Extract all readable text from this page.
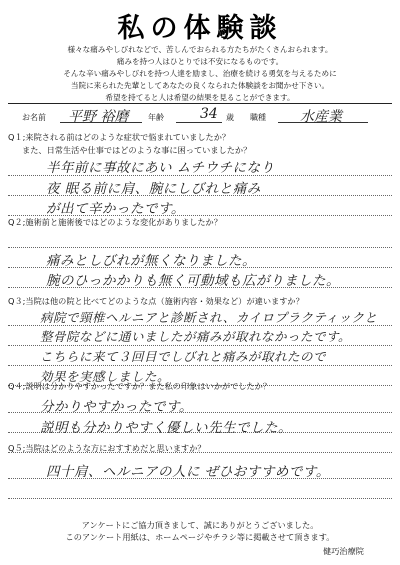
私の体験談
様々な痛みやしびれなどで、苦しんでおられる方たちがたくさんおられます。
痛みを持つ人はひとりでは不安になるものです。
そんな辛い痛みやしびれを持つ人達を励まし、治療を続ける勇気を与えるために
当院に来られた先輩としてあなたの良くなられた体験談をお聞かせ下さい。
希望を持てると人は希望の結果を見ることができます。
お名前 平野 裕磨 年齢	34 歳 職種 水産業
Q１;来院される前はどのような症状で悩まれていましたか？
また、日常生活や仕事ではどのような事に困っていましたか？
半年前に事故にあい ムチウチになり
夜 眠る前に肩、腕にしびれと痛み
が出て辛かったです。
Q２;施術前と施術後ではどのような変化がありましたか？
痛みとしびれが無くなりました。
腕のひっかかりも無く可動域も広がりました。
Q３;当院は他の院と比べてどのような点（施術内容・効果など）が違いますか？
病院で頸椎ヘルニアと診断され、カイロプラクティックと
整骨院などに通いましたが痛みが取れなかったです。
こちらに来て３回目でしびれと痛みが取れたので
効果を実感しました。
Q４;説明は分かりやすかったですか？また私の印象はいかがでしたか？
分かりやすかったです。
説明も分かりやすく優しい先生でした。
Q５;当院はどのような方におすすめだと思いますか？
四十肩、ヘルニアの人に ぜひおすすめです。
アンケートにご協力頂きまして、誠にありがとうございました。
このアンケート用紙は、ホームページやチラシ等に掲載させて頂きます。
健巧治療院
